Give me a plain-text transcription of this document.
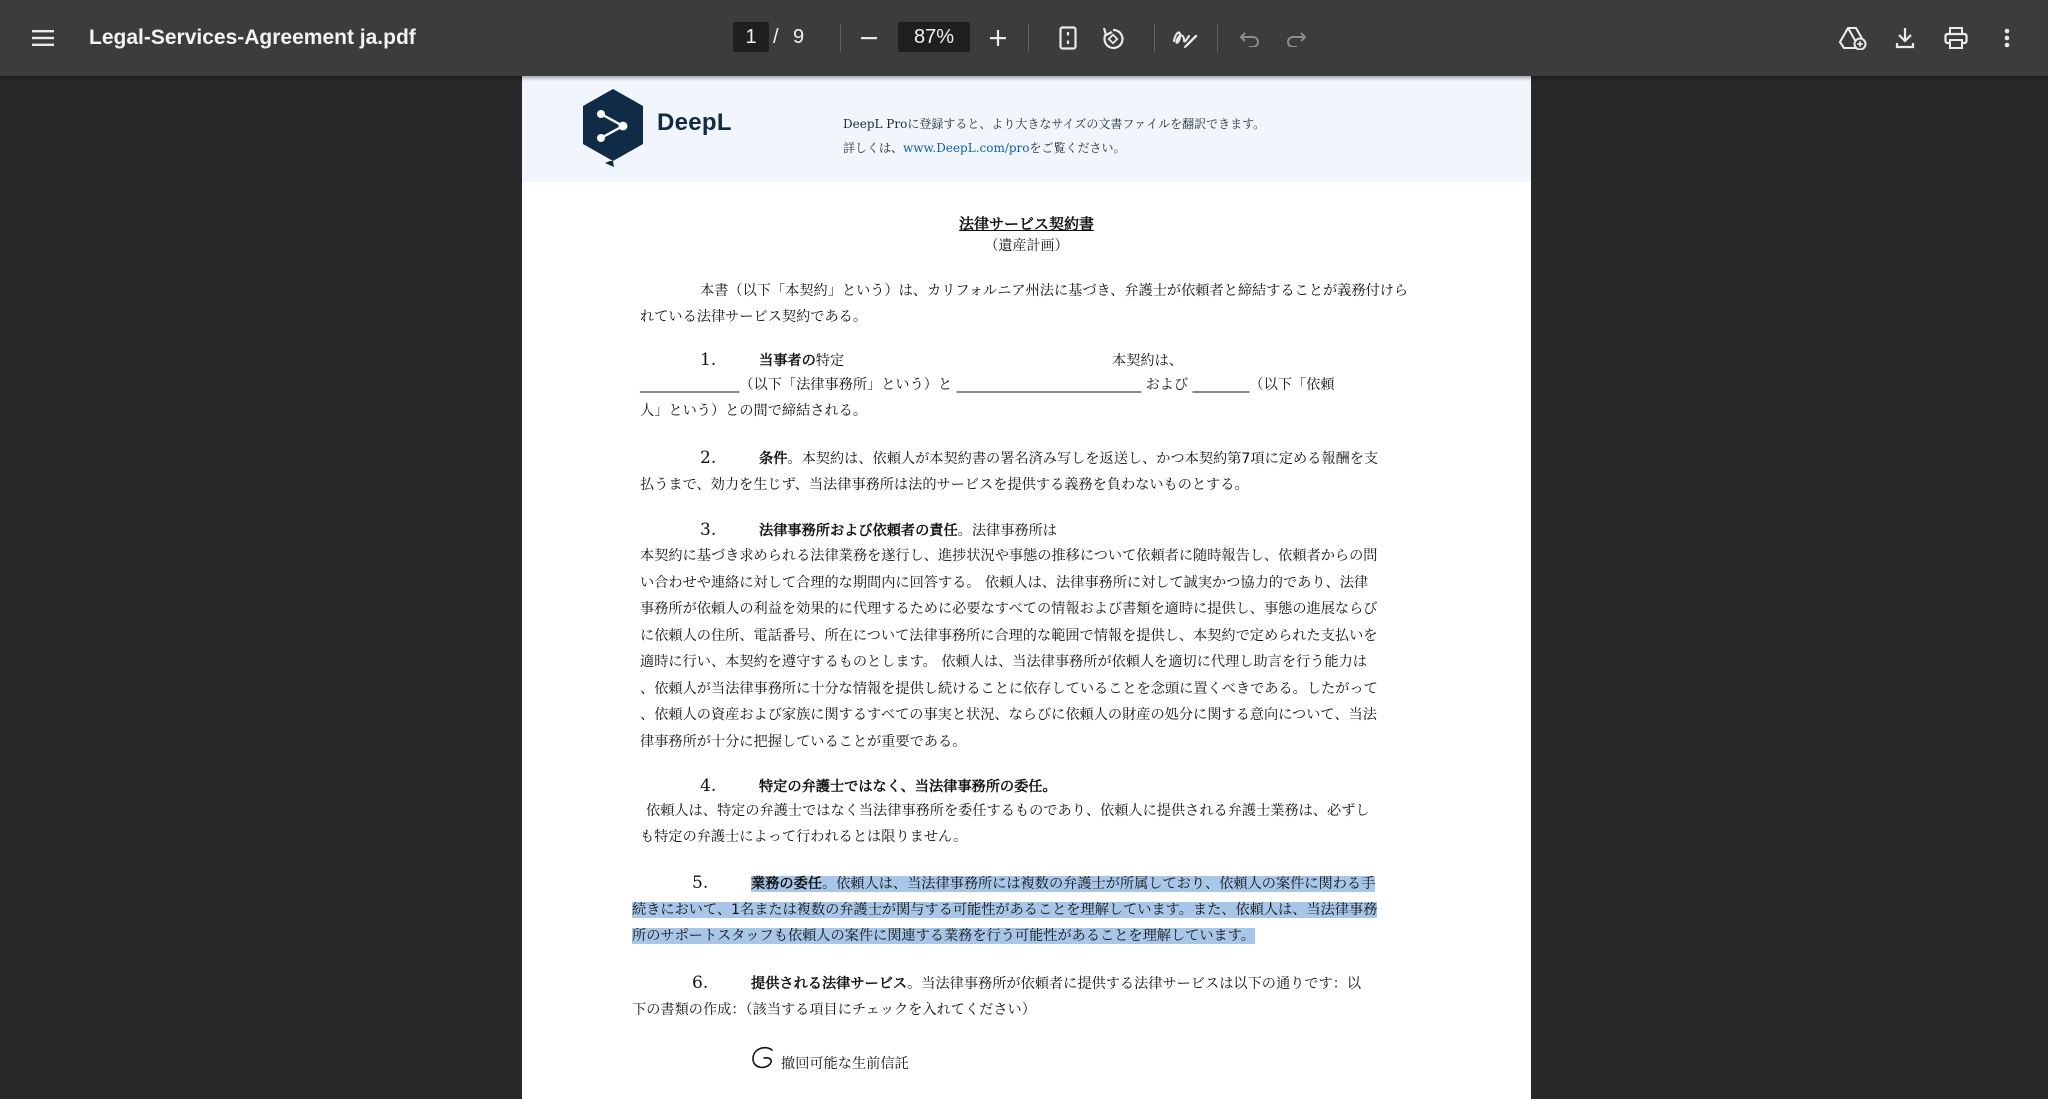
Legal-Services-Agreement ja.pdf
1	/ 9
87%
DeepL	DeepL Proに登録すると、より大きなサイズの文書ファイルを翻訳できます。
詳しくは、www.DeepL.com/proをご覧ください。
法律サービス契約書
（遺産計画）
本書（以下「本契約」という）は、カリフォルニア州法に基づき、弁護士が依頼者と締結することが義務付けら
れている法律サービス契約である。
1.	当事者の特定	本契約は、
______________（以下「法律事務所」という）と __________________________ および ________（以下「依頼
人」という）との間で締結される。
2.	条件。本契約は、依頼人が本契約書の署名済み写しを返送し、かつ本契約第7項に定める報酬を支
払うまで、効力を生じず、当法律事務所は法的サービスを提供する義務を負わないものとする。
3.	法律事務所および依頼者の責任。法律事務所は
本契約に基づき求められる法律業務を遂行し、進捗状況や事態の推移について依頼者に随時報告し、依頼者からの問
い合わせや連絡に対して合理的な期間内に回答する。 依頼人は、法律事務所に対して誠実かつ協力的であり、法律
事務所が依頼人の利益を効果的に代理するために必要なすべての情報および書類を適時に提供し、事態の進展ならび
に依頼人の住所、電話番号、所在について法律事務所に合理的な範囲で情報を提供し、本契約で定められた支払いを
適時に行い、本契約を遵守するものとします。 依頼人は、当法律事務所が依頼人を適切に代理し助言を行う能力は
、依頼人が当法律事務所に十分な情報を提供し続けることに依存していることを念頭に置くべきである。したがって
、依頼人の資産および家族に関するすべての事実と状況、ならびに依頼人の財産の処分に関する意向について、当法
律事務所が十分に把握していることが重要である。
4.	特定の弁護士ではなく、当法律事務所の委任。
依頼人は、特定の弁護士ではなく当法律事務所を委任するものであり、依頼人に提供される弁護士業務は、必ずし
も特定の弁護士によって行われるとは限りません。
5.	業務の委任。依頼人は、当法律事務所には複数の弁護士が所属しており、依頼人の案件に関わる手
続きにおいて、1名または複数の弁護士が関与する可能性があることを理解しています。また、依頼人は、当法律事務
所のサポートスタッフも依頼人の案件に関連する業務を行う可能性があることを理解しています。
6.	提供される法律サービス。当法律事務所が依頼者に提供する法律サービスは以下の通りです：以
下の書類の作成：（該当する項目にチェックを入れてください）
撤回可能な生前信託
